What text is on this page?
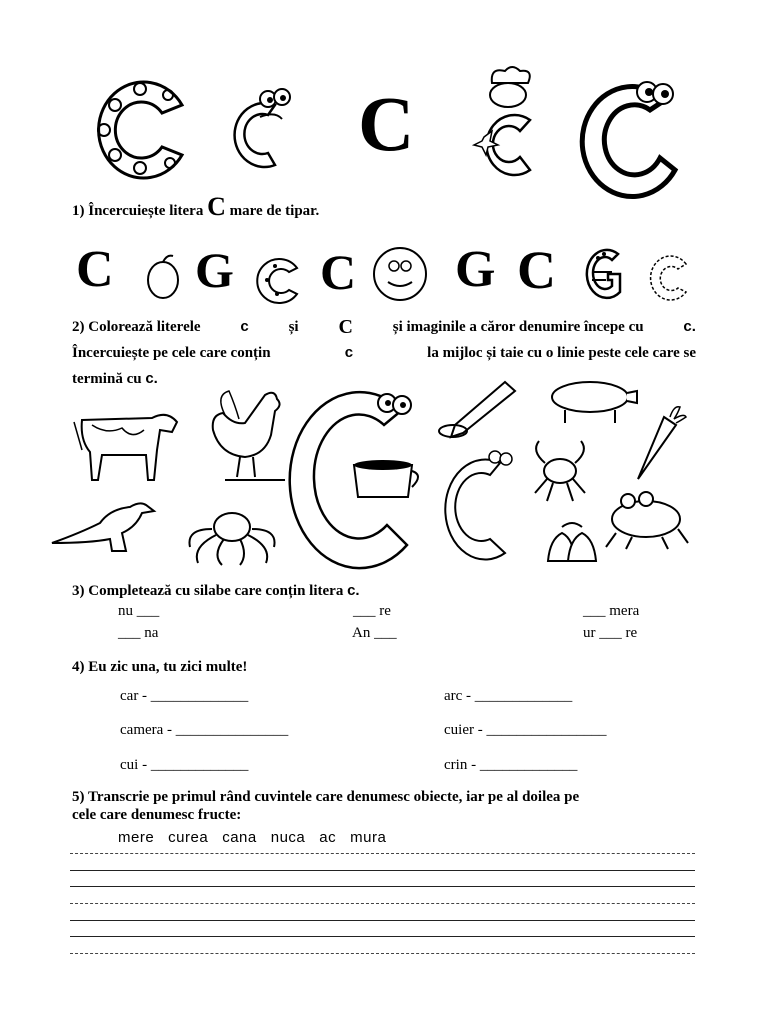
C
1) Încercuiește litera C mare de tipar.
C G C G C
2) Colorează literele	c	și C	și imaginile a căror denumire începe cu	c.
Încercuiește pe cele care conțin	c	la mijloc și taie cu o linie peste cele care se
termină cu c.
3) Completează cu silabe care conțin litera c.
nu ___	___ re	___ mera
___ na	An ___	ur ___ re
4) Eu zic una, tu zici multe!
car - _____________	arc - _____________
camera - _______________	cuier - ________________
cui - _____________	crin - _____________
5) Transcrie pe primul rând cuvintele care denumesc obiecte, iar pe al doilea pe
cele care denumesc fructe:
mere   curea   cana   nuca   ac   mura
